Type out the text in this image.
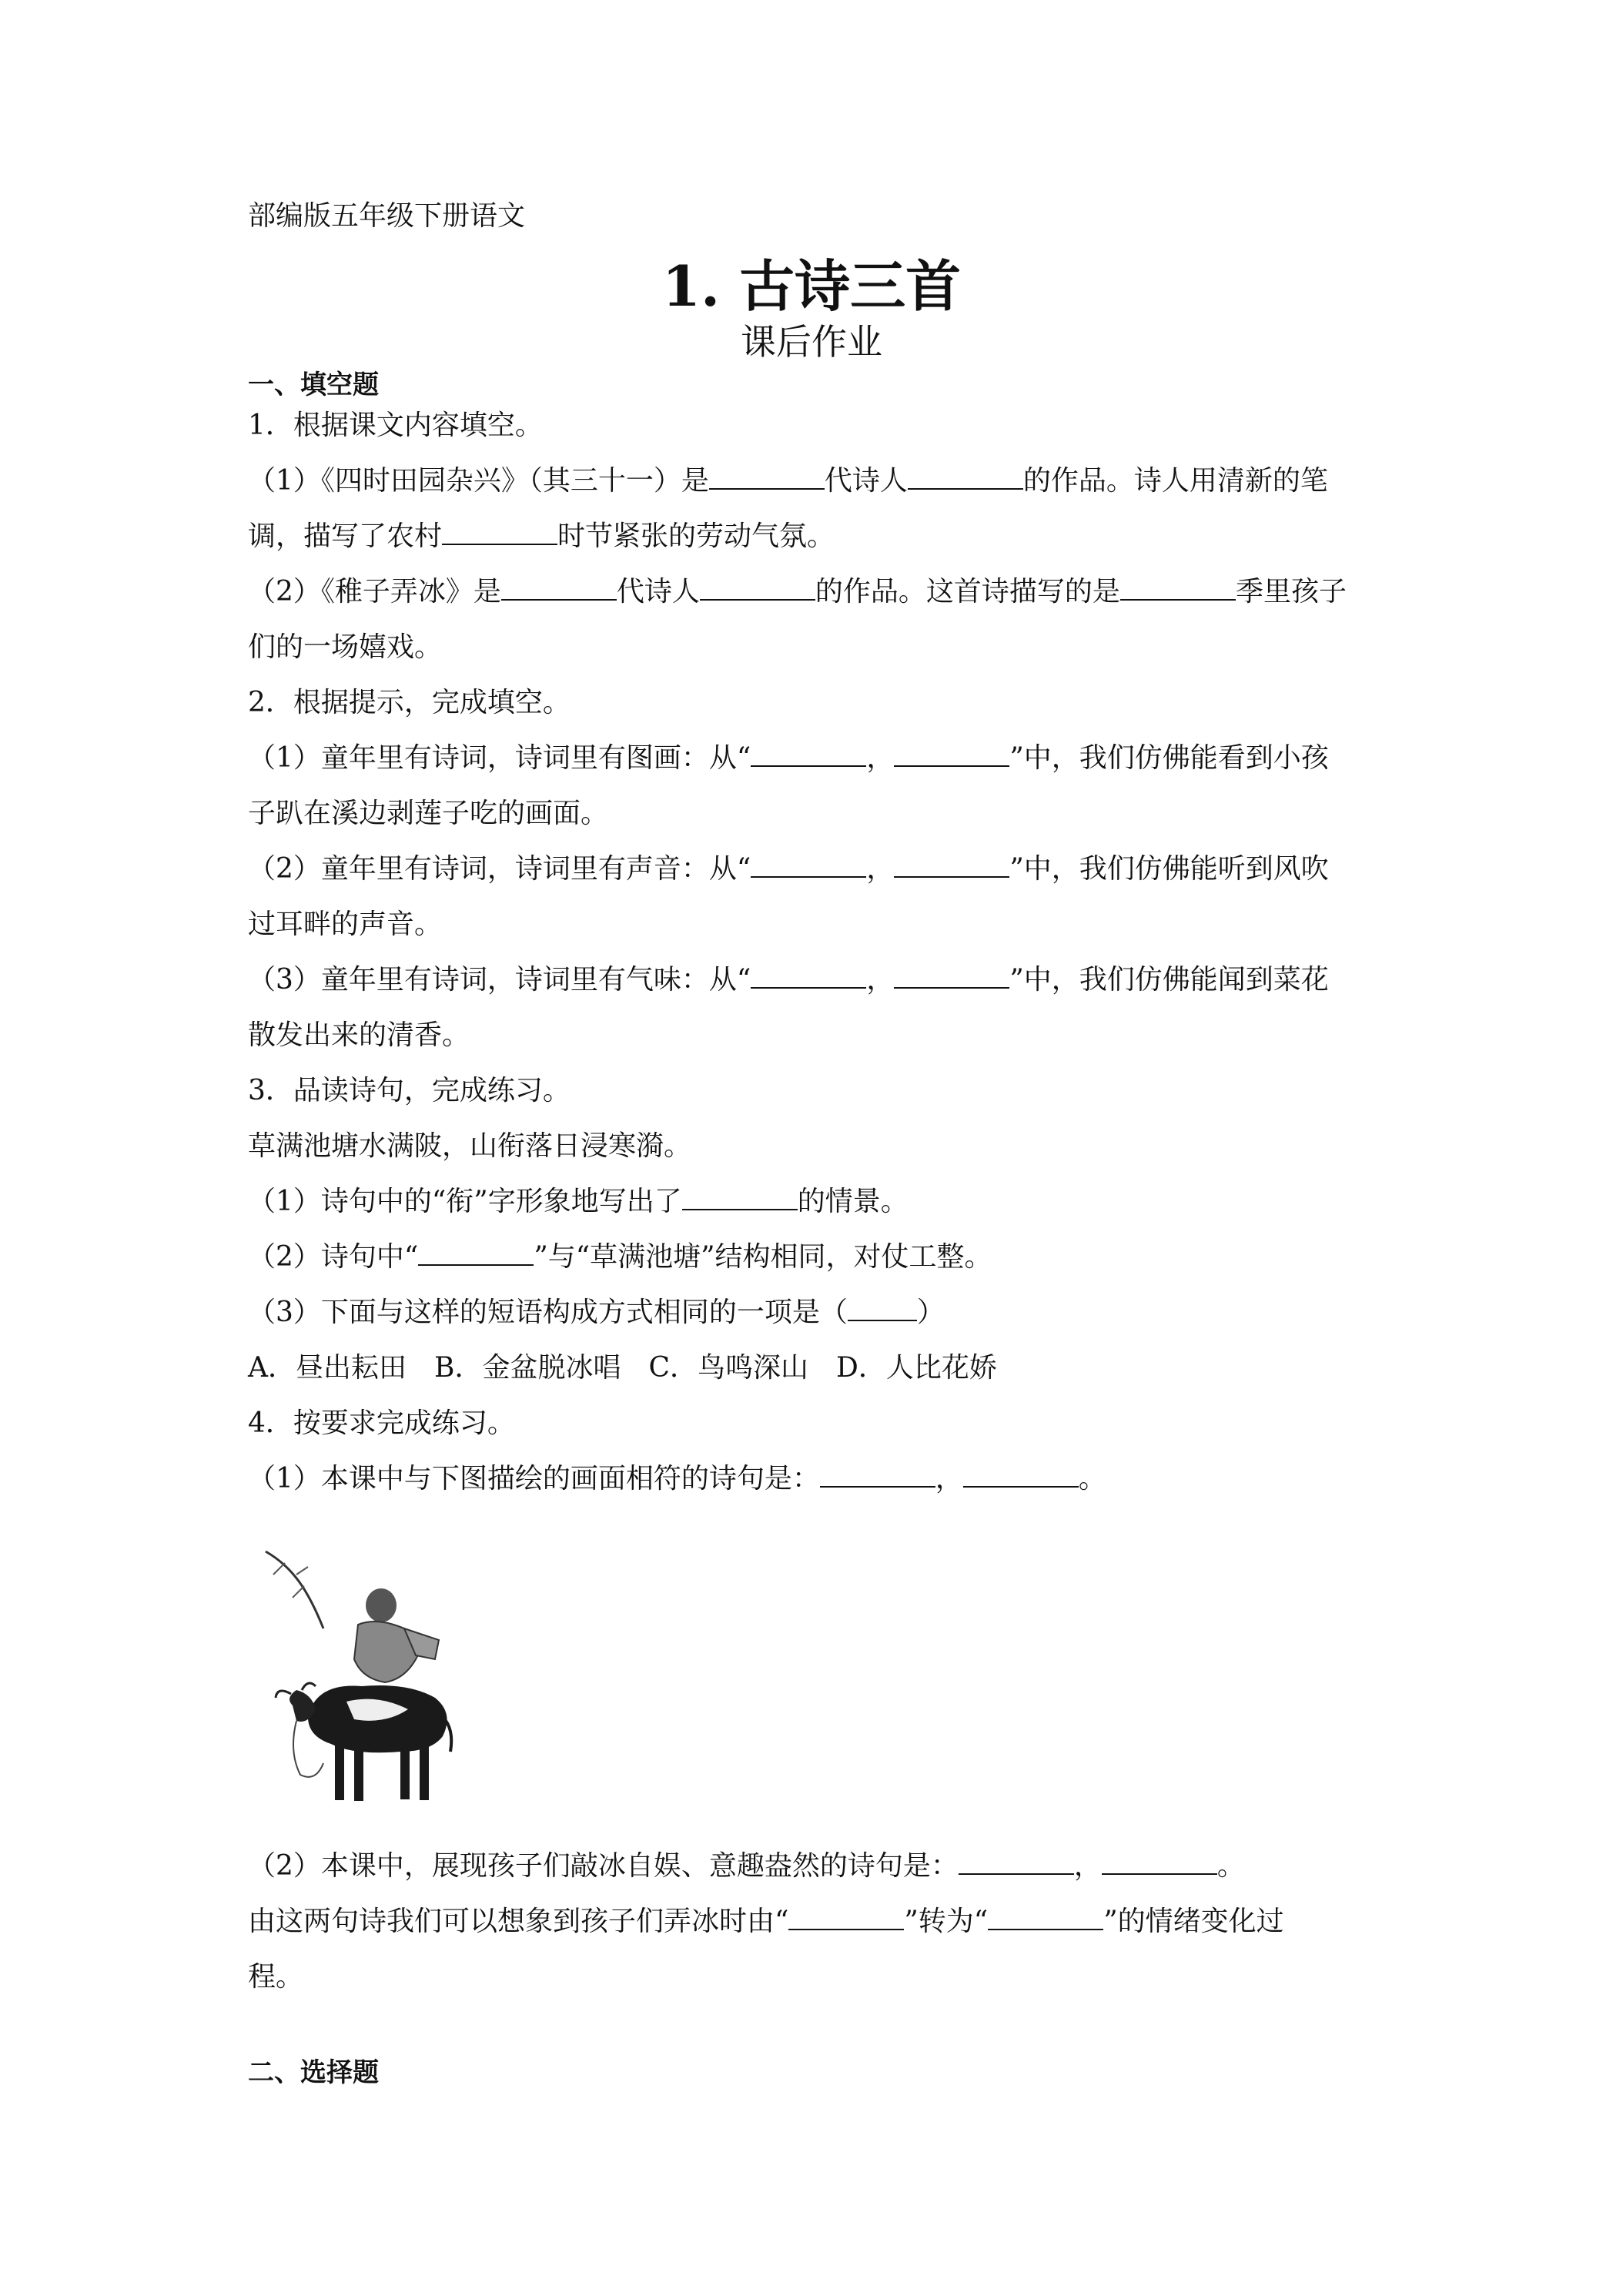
部编版五年级下册语文
1. 古诗三首
课后作业
一、填空题
1．根据课文内容填空。
（1）《四时田园杂兴》（其三十一）是	代诗人	的作品。诗人用清新的笔
调，描写了农村	时节紧张的劳动气氛。
（2）《稚子弄冰》是	代诗人	的作品。这首诗描写的是	季里孩子
们的一场嬉戏。
2．根据提示，完成填空。
（1）童年里有诗词，诗词里有图画：从“	，	”中，我们仿佛能看到小孩
子趴在溪边剥莲子吃的画面。
（2）童年里有诗词，诗词里有声音：从“	，	”中，我们仿佛能听到风吹
过耳畔的声音。
（3）童年里有诗词，诗词里有气味：从“	，	”中，我们仿佛能闻到菜花
散发出来的清香。
3．品读诗句，完成练习。
草满池塘水满陂，山衔落日浸寒漪。
（1）诗句中的“衔”字形象地写出了	的情景。
（2）诗句中“	”与“草满池塘”结构相同，对仗工整。
（3）下面与这样的短语构成方式相同的一项是（	）
A．昼出耘田 B．金盆脱冰唱 C．鸟鸣深山 D．人比花娇
4．按要求完成练习。
（1）本课中与下图描绘的画面相符的诗句是：	，	。
（2）本课中，展现孩子们敲冰自娱、意趣盎然的诗句是：	，	。
由这两句诗我们可以想象到孩子们弄冰时由“	”转为“	”的情绪变化过
程。
二、选择题
